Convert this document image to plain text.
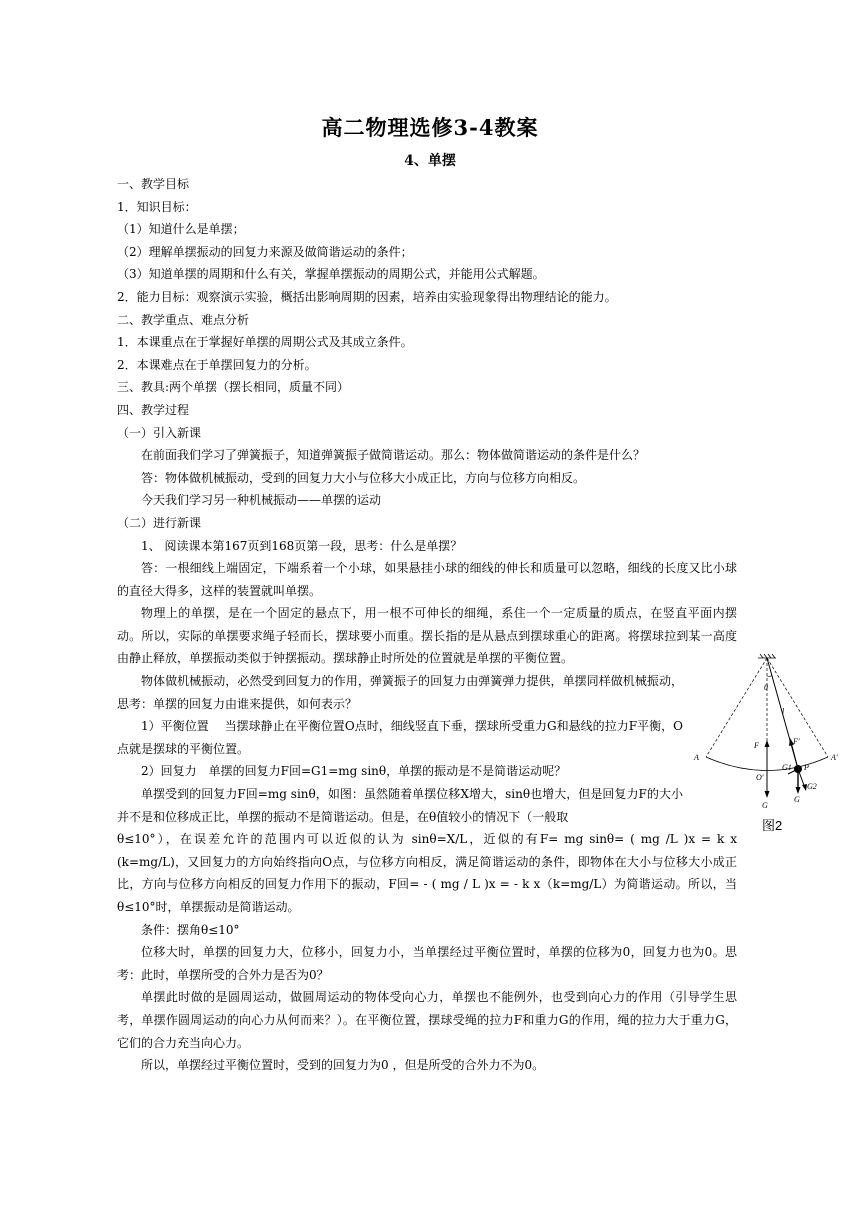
高二物理选修3-4教案
4、单摆

一、教学目标

1．知识目标：

（1）知道什么是单摆；

（2）理解单摆振动的回复力来源及做简谐运动的条件；

（3）知道单摆的周期和什么有关，掌握单摆振动的周期公式，并能用公式解题。

2．能力目标：观察演示实验，概括出影响周期的因素，培养由实验现象得出物理结论的能力。

二、教学重点、难点分析

1．本课重点在于掌握好单摆的周期公式及其成立条件。

2．本课难点在于单摆回复力的分析。

三、教具:两个单摆（摆长相同，质量不同）

四、教学过程

（一）引入新课

在前面我们学习了弹簧振子，知道弹簧振子做简谐运动。那么：物体做简谐运动的条件是什么？

答：物体做机械振动，受到的回复力大小与位移大小成正比，方向与位移方向相反。

今天我们学习另一种机械振动——单摆的运动

（二）进行新课

1、 阅读课本第167页到168页第一段，思考：什么是单摆？

答：一根细线上端固定，下端系着一个小球，如果悬挂小球的细线的伸长和质量可以忽略，细线的长度又比小球的直径大得多，这样的装置就叫单摆。

物理上的单摆，是在一个固定的悬点下，用一根不可伸长的细绳，系住一个一定质量的质点，在竖直平面内摆动。所以，实际的单摆要求绳子轻而长，摆球要小而重。摆长指的是从悬点到摆球重心的距离。将摆球拉到某一高度由静止释放，单摆振动类似于钟摆振动。摆球静止时所处的位置就是单摆的平衡位置。

物体做机械振动，必然受到回复力的作用，弹簧振子的回复力由弹簧弹力提供，单摆同样做机械振动，思考：单摆的回复力由谁来提供，如何表示？

1）平衡位置　 当摆球静止在平衡位置O点时，细线竖直下垂，摆球所受重力G和悬线的拉力F平衡，O点就是摆球的平衡位置。

2）回复力　单摆的回复力F回=G1=mg sinθ，单摆的振动是不是简谐运动呢？

单摆受到的回复力F回=mg sinθ，如图：虽然随着单摆位移X增大，sinθ也增大，但是回复力F的大小并不是和位移成正比，单摆的振动不是简谐运动。但是，在θ值较小的情况下（一般取

θ≤10°），在误差允许的范围内可以近似的认为 sinθ=X/L，近似的有F= mg sinθ= ( mg /L )x = k x　(k=mg/L)，又回复力的方向始终指向O点，与位移方向相反，满足简谐运动的条件，即物体在大小与位移大小成正比，方向与位移方向相反的回复力作用下的振动，F回= - ( mg / L )x = - k x（k=mg/L）为简谐运动。所以，当θ≤10°时，单摆振动是简谐运动。

条件：摆角θ≤10°

位移大时，单摆的回复力大，位移小，回复力小，当单摆经过平衡位置时，单摆的位移为0，回复力也为0。思考：此时，单摆所受的合外力是否为0？

单摆此时做的是圆周运动，做圆周运动的物体受向心力，单摆也不能例外，也受到向心力的作用（引导学生思考，单摆作圆周运动的向心力从何而来？）。在平衡位置，摆球受绳的拉力F和重力G的作用，绳的拉力大于重力G，它们的合力充当向心力。

所以，单摆经过平衡位置时，受到的回复力为0 ，但是所受的合外力不为0。

θ
l
F	F′
A	A′
O′
G1 P
G2
G
G
图2
